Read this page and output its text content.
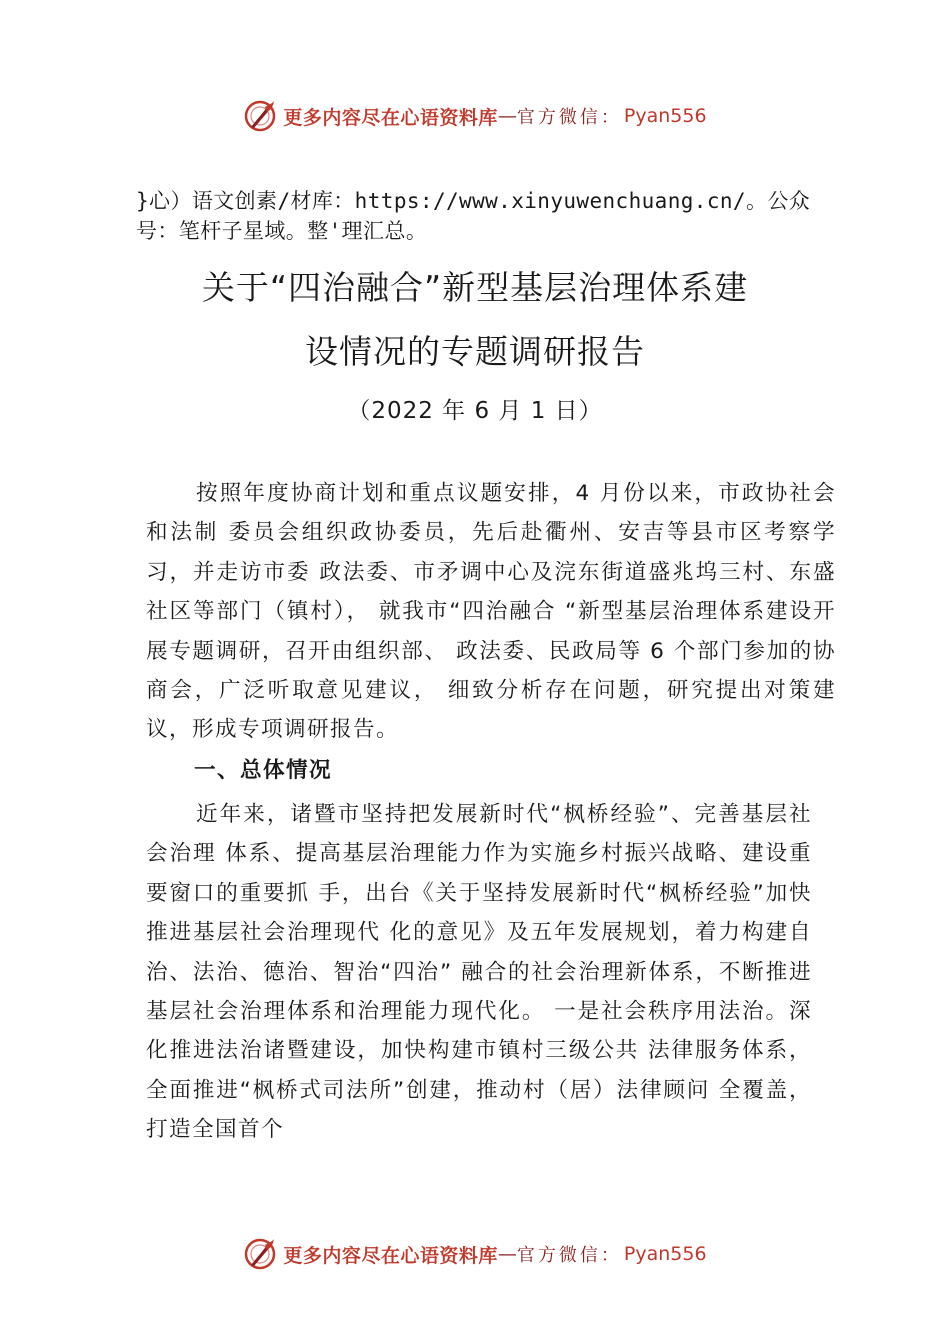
更多内容尽在心语资料库 — 官方微信： Pyan556
}心）语文创素/材库：https://www.xinyuwenchuang.cn/。公众号：笔杆子星域。整'理汇总。
关于“四治融合”新型基层治理体系建
设情况的专题调研报告
（2022 年 6 月 1 日）

按照年度协商计划和重点议题安排，4 月份以来，市政协社会和法制 委员会组织政协委员，先后赴衢州、安吉等县市区考察学习，并走访市委 政法委、市矛调中心及浣东街道盛兆坞三村、东盛社区等部门（镇村）， 就我市“四治融合 “新型基层治理体系建设开展专题调研，召开由组织部、 政法委、民政局等 6 个部门参加的协商会，广泛听取意见建议， 细致分析存在问题，研究提出对策建议，形成专项调研报告。

一、总体情况

近年来，诸暨市坚持把发展新时代“枫桥经验”、完善基层社会治理 体系、提高基层治理能力作为实施乡村振兴战略、建设重要窗口的重要抓 手，出台《关于坚持发展新时代“枫桥经验”加快推进基层社会治理现代 化的意见》及五年发展规划，着力构建自治、法治、德治、智治“四治” 融合的社会治理新体系，不断推进基层社会治理体系和治理能力现代化。 一是社会秩序用法治。深化推进法治诸暨建设，加快构建市镇村三级公共 法律服务体系，全面推进“枫桥式司法所”创建，推动村（居）法律顾问 全覆盖，打造全国首个

更多内容尽在心语资料库 — 官方微信： Pyan556
